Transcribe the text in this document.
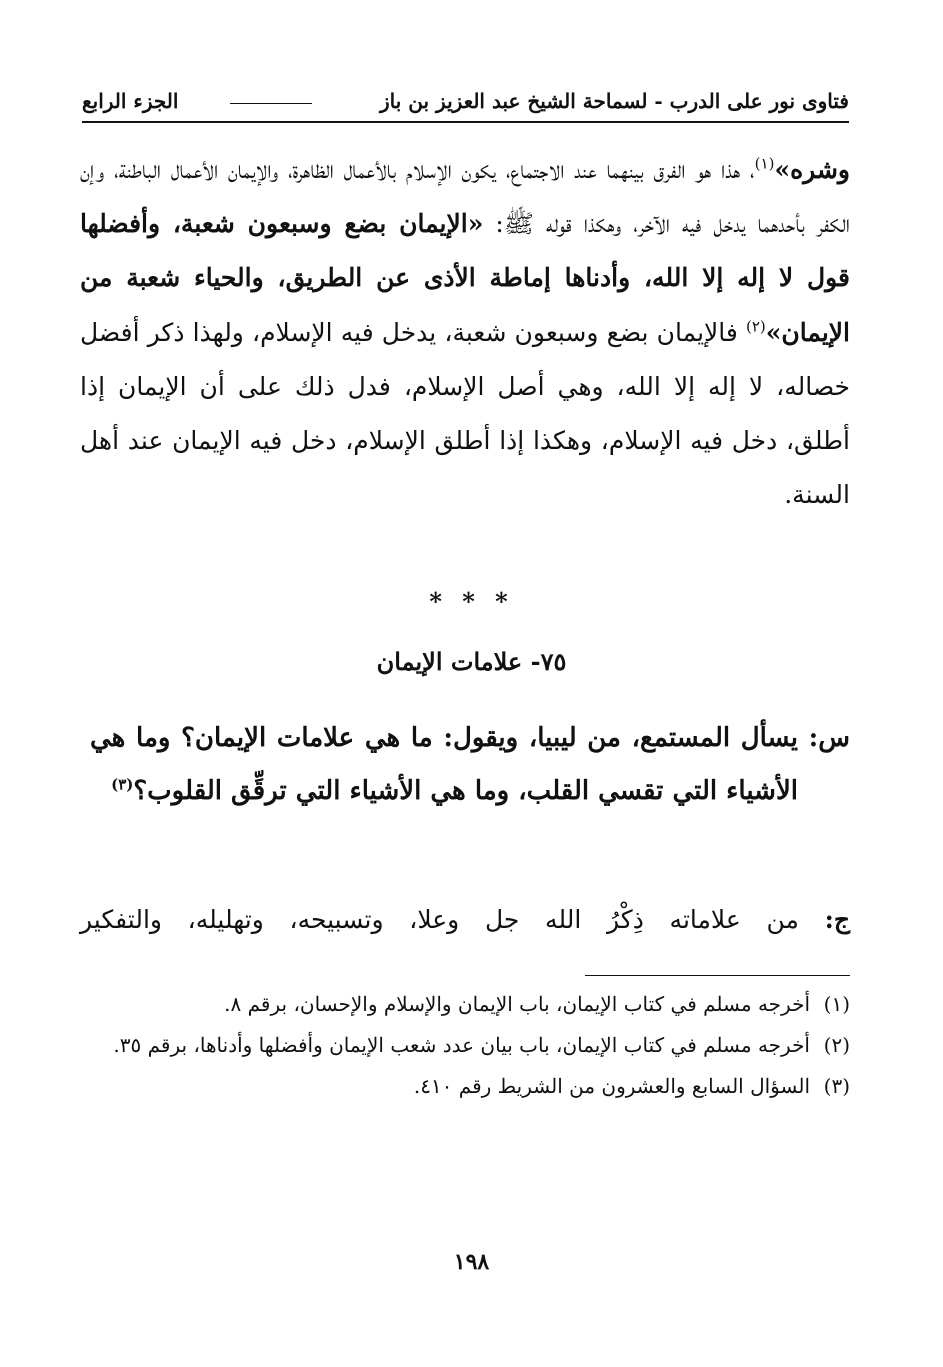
فتاوى نور على الدرب - لسماحة الشيخ عبد العزيز بن باز
الجزء الرابع
وشره»$^{(١)}$، هذا هو الفرق بينهما عند الاجتماع، يكون الإسلام بالأعمال الظاهرة، والإيمان الأعمال الباطنة، وإن الكفر بأحدهما يدخل فيه الآخر، وهكذا قوله ﷺ: «الإيمان بضع وسبعون شعبة، وأفضلها قول لا إله إلا الله، وأدناها إماطة الأذى عن الطريق، والحياء شعبة من الإيمان»$^{(٢)}$ فالإيمان بضع وسبعون شعبة، يدخل فيه الإسلام، ولهذا ذكر أفضل خصاله، لا إله إلا الله، وهي أصل الإسلام، فدل ذلك على أن الإيمان إذا أطلق، دخل فيه الإسلام، وهكذا إذا أطلق الإسلام، دخل فيه الإيمان عند أهل السنة.
* * *
٧٥- علامات الإيمان
س:
يسأل المستمع، من ليبيا، ويقول: ما هي علامات الإيمان؟ وما هي الأشياء التي تقسي القلب، وما هي الأشياء التي ترقِّق القلوب؟$^{(٣)}$
ج: من علاماته ذِكْرُ الله جل وعلا، وتسبيحه، وتهليله، والتفكير
(١)
أخرجه مسلم في كتاب الإيمان، باب الإيمان والإسلام والإحسان، برقم ٨.
(٢)
أخرجه مسلم في كتاب الإيمان، باب بيان عدد شعب الإيمان وأفضلها وأدناها، برقم ٣٥.
(٣)
السؤال السابع والعشرون من الشريط رقم ٤١٠.
١٩٨
